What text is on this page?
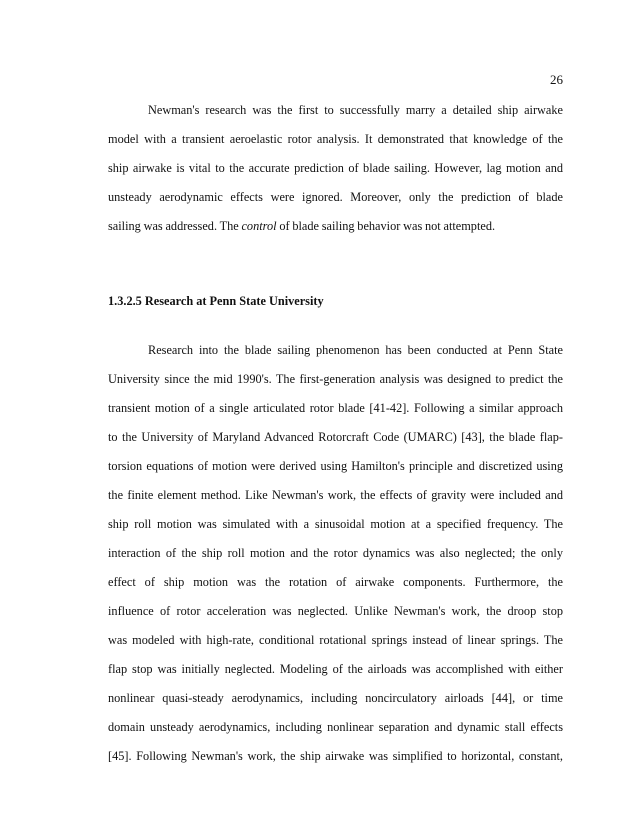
26

Newman's research was the first to successfully marry a detailed ship airwake

model with a transient aeroelastic rotor analysis. It demonstrated that knowledge of the

ship airwake is vital to the accurate prediction of blade sailing. However, lag motion and

unsteady aerodynamic effects were ignored. Moreover, only the prediction of blade

sailing was addressed. The control of blade sailing behavior was not attempted.

1.3.2.5 Research at Penn State University

Research into the blade sailing phenomenon has been conducted at Penn State

University since the mid 1990's. The first-generation analysis was designed to predict the

transient motion of a single articulated rotor blade [41-42]. Following a similar approach

to the University of Maryland Advanced Rotorcraft Code (UMARC) [43], the blade flap-

torsion equations of motion were derived using Hamilton's principle and discretized using

the finite element method. Like Newman's work, the effects of gravity were included and

ship roll motion was simulated with a sinusoidal motion at a specified frequency. The

interaction of the ship roll motion and the rotor dynamics was also neglected; the only

effect of ship motion was the rotation of airwake components. Furthermore, the

influence of rotor acceleration was neglected. Unlike Newman's work, the droop stop

was modeled with high-rate, conditional rotational springs instead of linear springs. The

flap stop was initially neglected. Modeling of the airloads was accomplished with either

nonlinear quasi-steady aerodynamics, including noncirculatory airloads [44], or time

domain unsteady aerodynamics, including nonlinear separation and dynamic stall effects

[45]. Following Newman's work, the ship airwake was simplified to horizontal, constant,
